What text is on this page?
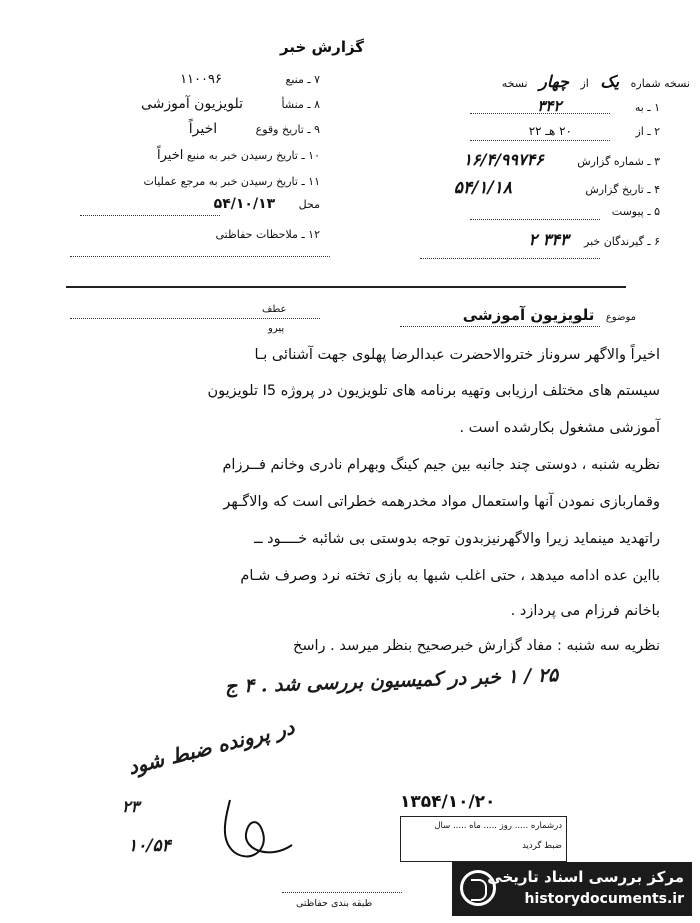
گزارش خبر
نسخه شماره یک از چهار نسخه
۱ ـ به ۳۴۲
۲ ـ از ۲۰ هـ ۲۲
۳ ـ شماره گزارش ۱۶/۴/۹۹۷۴۶
۴ ـ تاریخ گزارش ۵۴/۱/۱۸
۵ ـ پیوست
۶ ـ گیرندگان خبر ۳۴۳ ۲
۷ ـ منبع ۱۱۰۰۹۶
۸ ـ منشأ تلویزیون آموزشی
۹ ـ تاریخ وقوع اخیراً
۱۰ ـ تاریخ رسیدن خبر به منبع اخیراً
۱۱ ـ تاریخ رسیدن خبر به مرجع عملیات
محل ۵۴/۱۰/۱۳
۱۲ ـ ملاحظات حفاظتی
موضوع تلویزیون آموزشی
عطف
پیرو
اخیراً والاگهر سروناز ختروالاحضرت عبدالرضا پهلوی جهت آشنائی بـا
سیستم های مختلف ارزیابی وتهیه برنامه های تلویزیون در پروژه I5 تلویزیون
آموزشی مشغول بکارشده است .
نظریه شنبه ، دوستی چند جانبه بین جیم کینگ وبهرام نادری وخانم فــرزام
وقماربازی نمودن آنها واستعمال مواد مخدرهمه خطراتی است که والاگـهر
راتهدید مینماید زیرا والاگهرنیزبدون توجه بدوستی بی شائبه خــــود ــ
بااین عده ادامه میدهد ، حتی اغلب شبها به بازی تخته نرد وصرف شـام
باخانم فرزام می پردازد .
نظریه سه شنبه : مفاد گزارش خبرصحیح بنظر میرسد . راسخ
۲۵ / ۱ خبر در کمیسیون بررسی شد . ۴ ج
در پرونده ضبط شود
۱۳۵۴/۱۰/۲۰
درشماره ..... روز ..... ماه ..... سال
ضبط گردید
۲۳
۱۰/۵۴
طبقه بندی حفاظتی
مرکز بررسی اسناد تاریخی
historydocuments.ir
